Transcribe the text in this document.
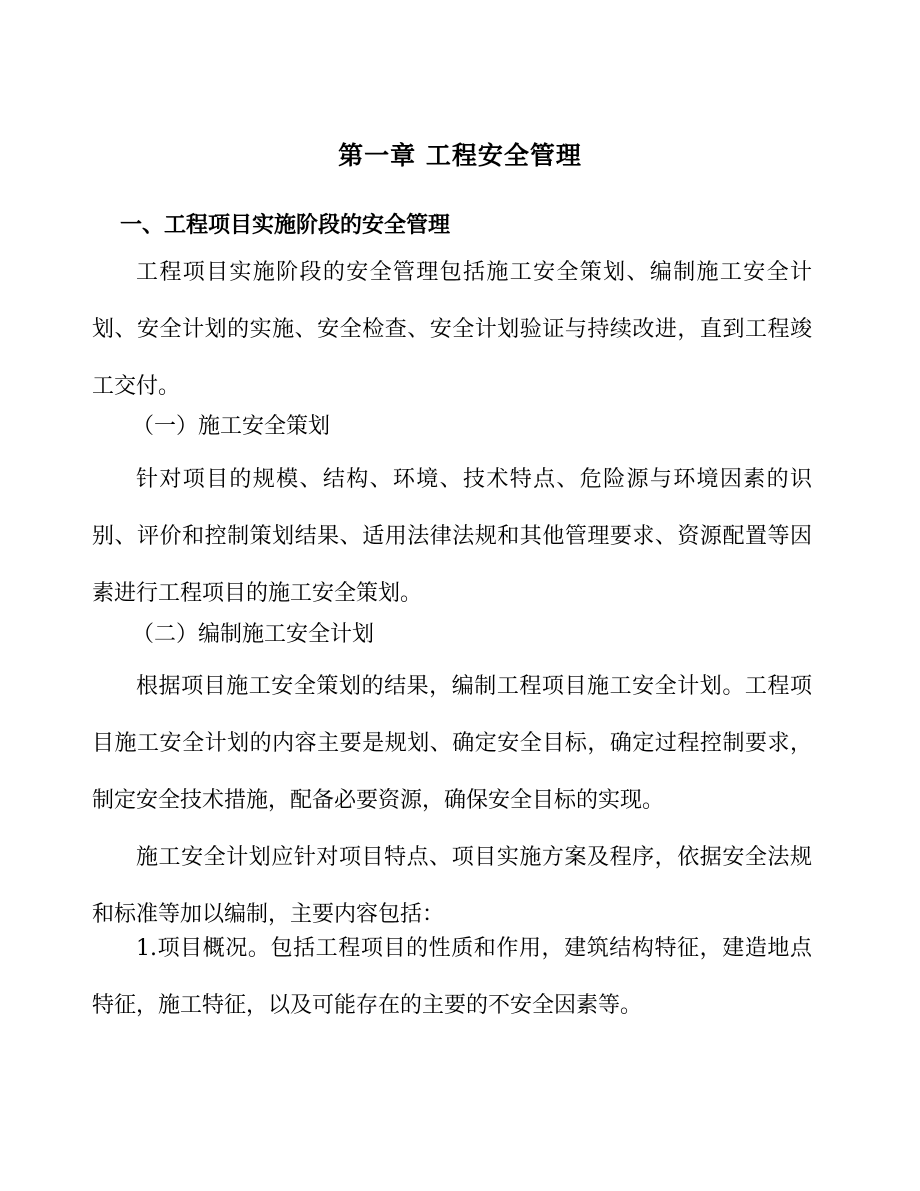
第一章 工程安全管理
一、工程项目实施阶段的安全管理

工程项目实施阶段的安全管理包括施工安全策划、编制施工安全计划、安全计划的实施、安全检查、安全计划验证与持续改进，直到工程竣工交付。

（一）施工安全策划

针对项目的规模、结构、环境、技术特点、危险源与环境因素的识别、评价和控制策划结果、适用法律法规和其他管理要求、资源配置等因素进行工程项目的施工安全策划。

（二）编制施工安全计划

根据项目施工安全策划的结果，编制工程项目施工安全计划。工程项目施工安全计划的内容主要是规划、确定安全目标，确定过程控制要求，制定安全技术措施，配备必要资源，确保安全目标的实现。

施工安全计划应针对项目特点、项目实施方案及程序，依据安全法规和标准等加以编制，主要内容包括：

1.项目概况。包括工程项目的性质和作用，建筑结构特征，建造地点特征，施工特征，以及可能存在的主要的不安全因素等。
